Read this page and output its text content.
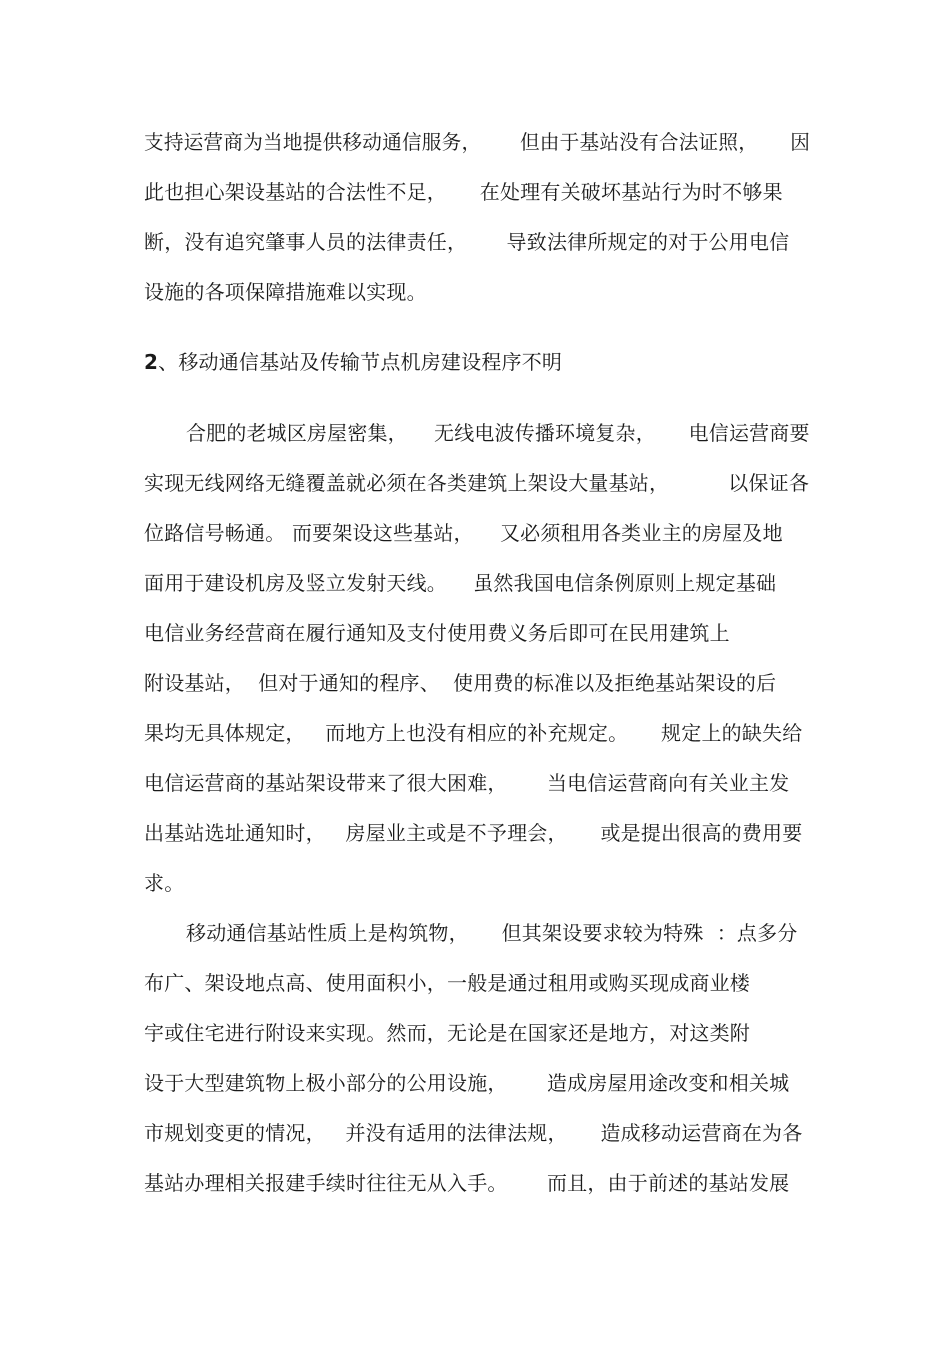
支持运营商为当地提供移动通信服务，      但由于基站没有合法证照，     因
此也担心架设基站的合法性不足，     在处理有关破坏基站行为时不够果
断，没有追究肇事人员的法律责任，      导致法律所规定的对于公用电信
设施的各项保障措施难以实现。
2、移动通信基站及传输节点机房建设程序不明
合肥的老城区房屋密集，    无线电波传播环境复杂，     电信运营商要
实现无线网络无缝覆盖就必须在各类建筑上架设大量基站，         以保证各
位路信号畅通。 而要架设这些基站，    又必须租用各类业主的房屋及地
面用于建设机房及竖立发射天线。    虽然我国电信条例原则上规定基础
电信业务经营商在履行通知及支付使用费义务后即可在民用建筑上
附设基站，  但对于通知的程序、  使用费的标准以及拒绝基站架设的后
果均无具体规定，   而地方上也没有相应的补充规定。     规定上的缺失给
电信运营商的基站架设带来了很大困难，      当电信运营商向有关业主发
出基站选址通知时，   房屋业主或是不予理会，     或是提出很高的费用要
求。
移动通信基站性质上是构筑物，     但其架设要求较为特殊  ：点多分
布广、架设地点高、使用面积小，一般是通过租用或购买现成商业楼
宇或住宅进行附设来实现。然而，无论是在国家还是地方，对这类附
设于大型建筑物上极小部分的公用设施，      造成房屋用途改变和相关城
市规划变更的情况，   并没有适用的法律法规，     造成移动运营商在为各
基站办理相关报建手续时往往无从入手。      而且，由于前述的基站发展
